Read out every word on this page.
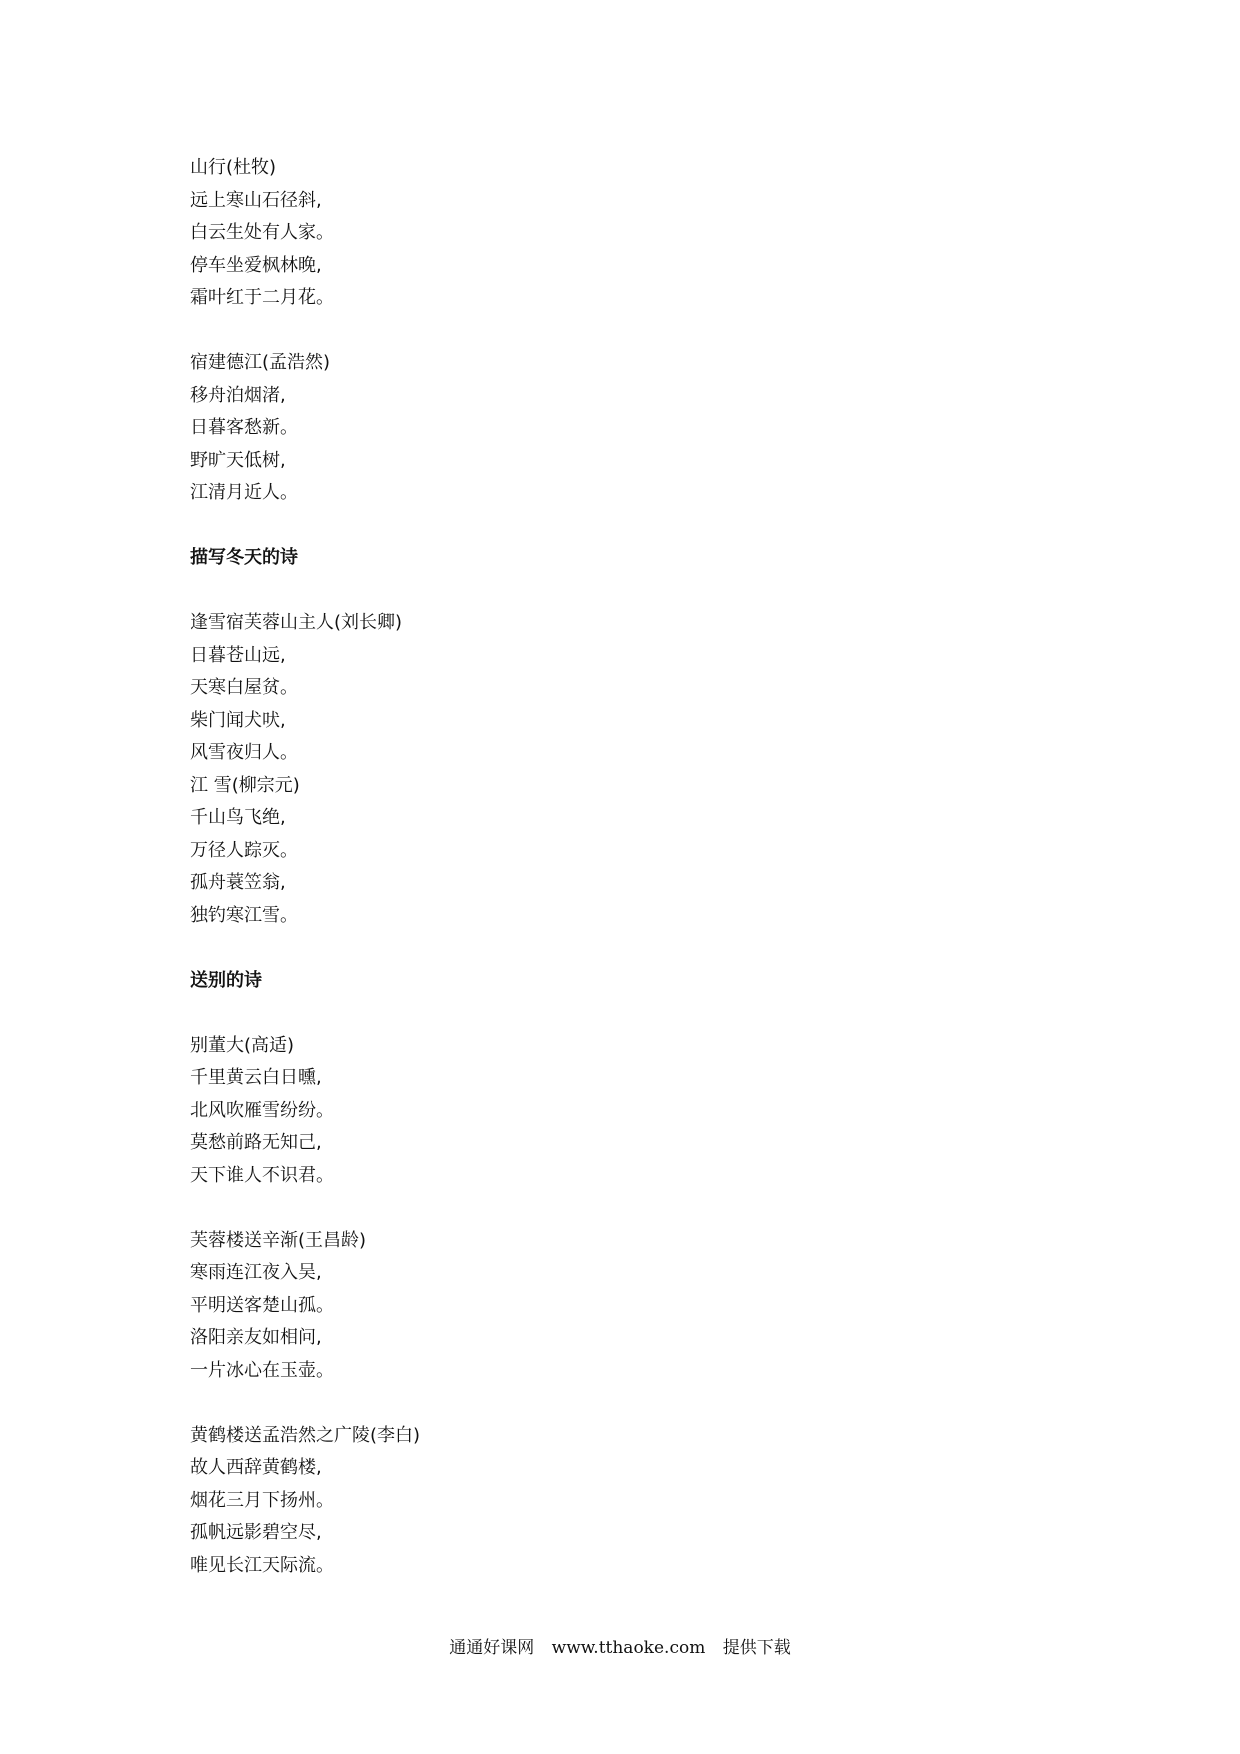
山行(杜牧)
远上寒山石径斜,
白云生处有人家。
停车坐爱枫林晚,
霜叶红于二月花。
宿建德江(孟浩然)
移舟泊烟渚,
日暮客愁新。
野旷天低树,
江清月近人。
描写冬天的诗
逢雪宿芙蓉山主人(刘长卿)
日暮苍山远,
天寒白屋贫。
柴门闻犬吠,
风雪夜归人。
江 雪(柳宗元)
千山鸟飞绝,
万径人踪灭。
孤舟蓑笠翁,
独钓寒江雪。
送别的诗
别董大(高适)
千里黄云白日曛,
北风吹雁雪纷纷。
莫愁前路无知己,
天下谁人不识君。
芙蓉楼送辛渐(王昌龄)
寒雨连江夜入吴,
平明送客楚山孤。
洛阳亲友如相问,
一片冰心在玉壶。
黄鹤楼送孟浩然之广陵(李白)
故人西辞黄鹤楼,
烟花三月下扬州。
孤帆远影碧空尽,
唯见长江天际流。
通通好课网 www.tthaoke.com 提供下载
